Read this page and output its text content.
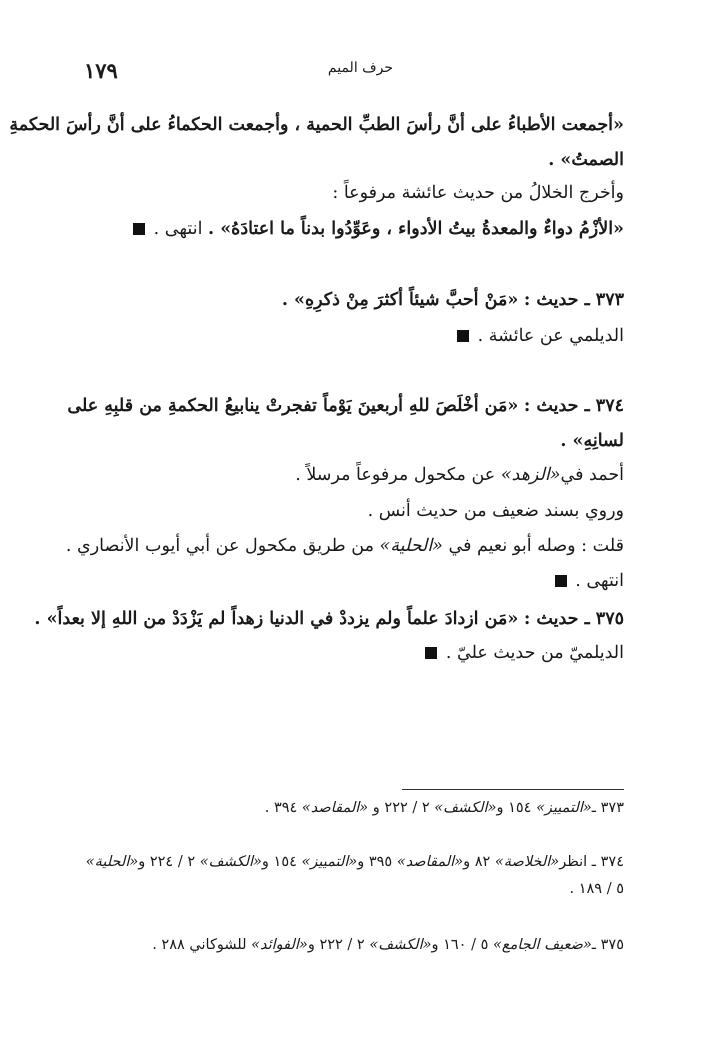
١٧٩	حرف الميم
«أجمعت الأطباءُ على أنَّ رأسَ الطبِّ الحمية ، وأجمعت الحكماءُ على أنَّ رأسَ الحكمةِ
الصمتُ» .
وأخرج الخلالُ من حديث عائشة مرفوعاً :
«الأزْمُ دواءٌ والمعدةُ بيتُ الأدواء ، وعَوِّدُوا بدناً ما اعتادَهُ» . انتهى .
٣٧٣ ـ حديث : «مَنْ أحبَّ شيئاً أكثرَ مِنْ ذكرِهِ» .
الديلمي عن عائشة .
٣٧٤ ـ حديث : «مَن أخْلَصَ للهِ أربعينَ يَوْماً تفجرتْ ينابيعُ الحكمةِ من قلبِهِ على
لسانِهِ» .
أحمد في«الزهد» عن مكحول مرفوعاً مرسلاً .
وروي بسند ضعيف من حديث أنس .
قلت : وصله أبو نعيم في «الحلية» من طريق مكحول عن أبي أيوب الأنصاري .
انتهى .
٣٧٥ ـ حديث : «مَن ازدادَ علماً ولم يزددْ في الدنيا زهداً لم يَزْدَدْ من اللهِ إلا بعداً» .
الديلميّ من حديث عليّ .
٣٧٣ ـ«التمييز» ١٥٤ و«الكشف» ٢ / ٢٢٢ و «المقاصد» ٣٩٤ .
٣٧٤ ـ انظر«الخلاصة» ٨٢ و«المقاصد» ٣٩٥ و«التمييز» ١٥٤ و«الكشف» ٢ / ٢٢٤ و«الحلية»
٥ / ١٨٩ .
٣٧٥ ـ«ضعيف الجامع» ٥ / ١٦٠ و«الكشف» ٢ / ٢٢٢ و«الفوائد» للشوكاني ٢٨٨ .
